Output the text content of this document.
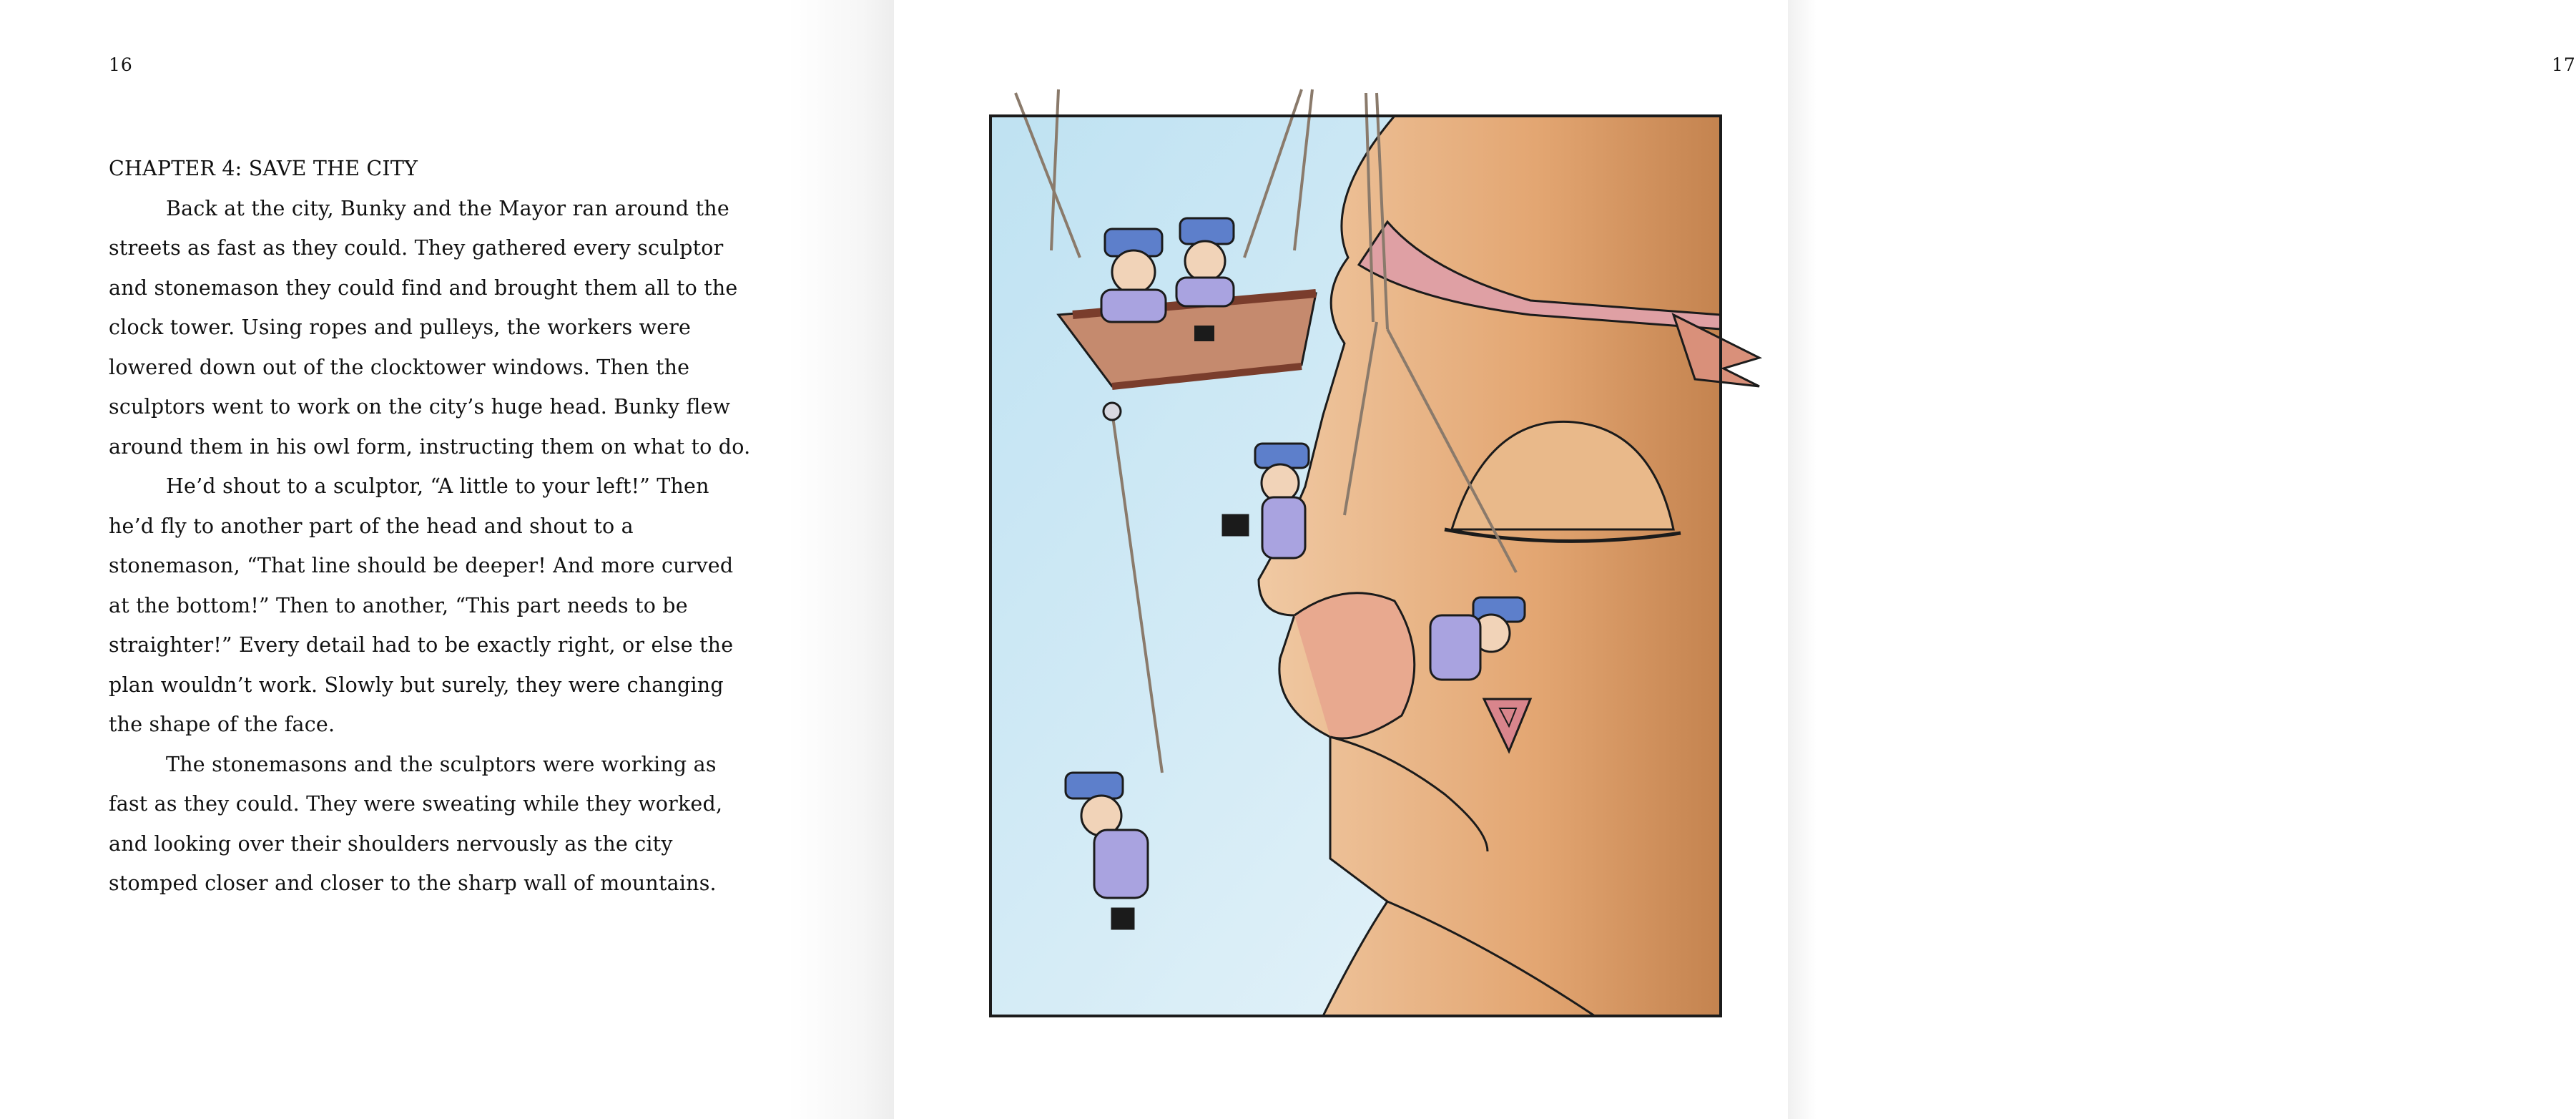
16
CHAPTER 4: SAVE THE CITY

Back at the city, Bunky and the Mayor ran around the streets as fast as they could. They gathered every sculptor and stonemason they could find and brought them all to the clock tower. Using ropes and pulleys, the workers were lowered down out of the clocktower windows. Then the sculptors went to work on the city’s huge head. Bunky flew around them in his owl form, instructing them on what to do.

He’d shout to a sculptor, “A little to your left!” Then he’d fly to another part of the head and shout to a stonemason, “That line should be deeper! And more curved at the bottom!” Then to another, “This part needs to be straighter!” Every detail had to be exactly right, or else the plan wouldn’t work. Slowly but surely, they were changing the shape of the face.

The stonemasons and the sculptors were working as fast as they could. They were sweating while they worked, and looking over their shoulders nervously as the city stomped closer and closer to the sharp wall of mountains.

17
